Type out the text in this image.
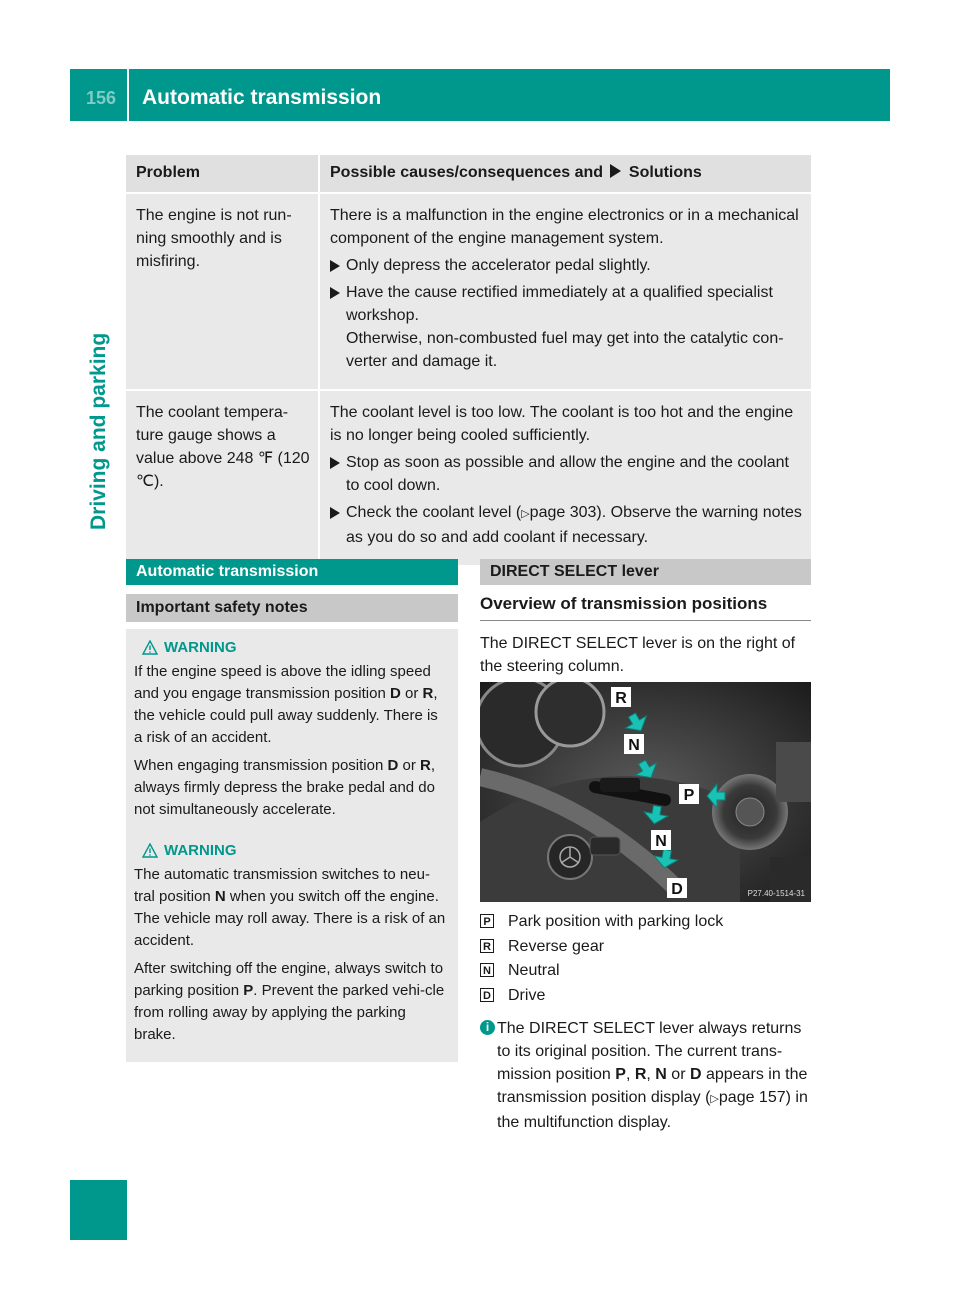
156 Automatic transmission
Driving and parking
Problem	Possible causes/consequences and Solutions
The engine is not run-ning smoothly and is misfiring.	There is a malfunction in the engine electronics or in a mechanical component of the engine management system.
Only depress the accelerator pedal slightly.
Have the cause rectified immediately at a qualified specialist workshop.
Otherwise, non-combusted fuel may get into the catalytic con-verter and damage it.

The coolant tempera-ture gauge shows a value above 248 ℉ (120 ℃).	The coolant level is too low. The coolant is too hot and the engine is no longer being cooled sufficiently.
Stop as soon as possible and allow the engine and the coolant to cool down.
Check the coolant level (▷page 303). Observe the warning notes as you do so and add coolant if necessary.
Automatic transmission
Important safety notes
WARNING

If the engine speed is above the idling speed and you engage transmission position D or R, the vehicle could pull away suddenly. There is a risk of an accident.

When engaging transmission position D or R, always firmly depress the brake pedal and do not simultaneously accelerate.

WARNING

The automatic transmission switches to neu-tral position N when you switch off the engine. The vehicle may roll away. There is a risk of an accident.

After switching off the engine, always switch to parking position P. Prevent the parked vehi-cle from rolling away by applying the parking brake.

DIRECT SELECT lever
Overview of transmission positions
The DIRECT SELECT lever is on the right of the steering column.
R
N
P
N
D	P27.40-1514-31
P Park position with parking lock
R Reverse gear
N Neutral
D Drive
i The DIRECT SELECT lever always returns to its original position. The current trans-mission position P, R, N or D appears in the transmission position display (▷page 157) in the multifunction display.
